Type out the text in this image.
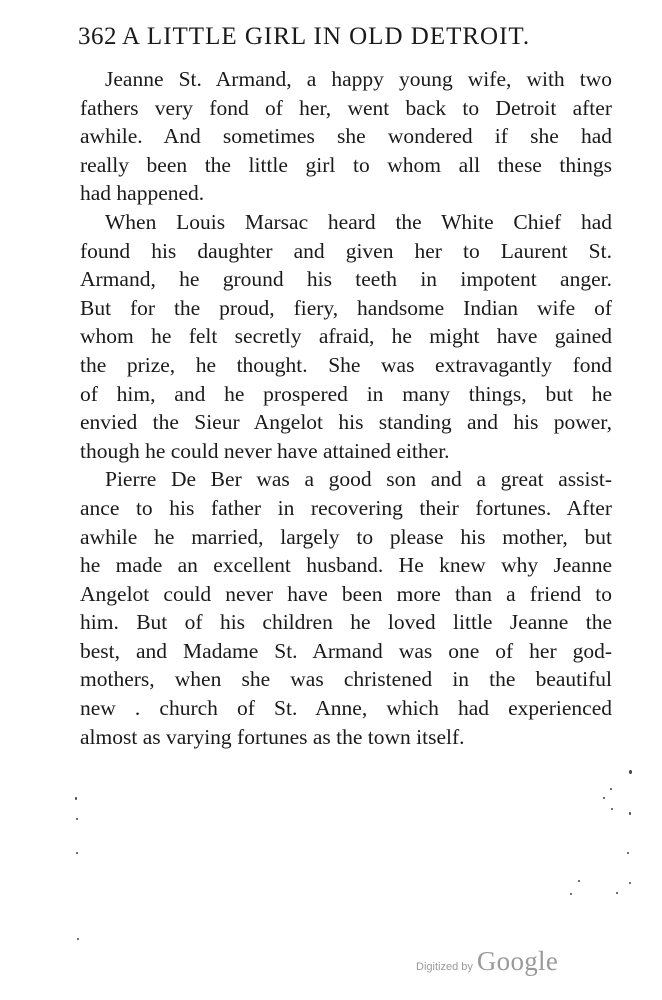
362 A LITTLE GIRL IN OLD DETROIT.
Jeanne St. Armand, a happy young wife, with two
fathers very fond of her, went back to Detroit after
awhile. And sometimes she wondered if she had
really been the little girl to whom all these things
had happened.
When Louis Marsac heard the White Chief had
found his daughter and given her to Laurent St.
Armand, he ground his teeth in impotent anger.
But for the proud, fiery, handsome Indian wife of
whom he felt secretly afraid, he might have gained
the prize, he thought. She was extravagantly fond
of him, and he prospered in many things, but he
envied the Sieur Angelot his standing and his power,
though he could never have attained either.
Pierre De Ber was a good son and a great assist-
ance to his father in recovering their fortunes. After
awhile he married, largely to please his mother, but
he made an excellent husband. He knew why Jeanne
Angelot could never have been more than a friend to
him. But of his children he loved little Jeanne the
best, and Madame St. Armand was one of her god-
mothers, when she was christened in the beautiful
new . church of St. Anne, which had experienced
almost as varying fortunes as the town itself.
Digitized by Google
